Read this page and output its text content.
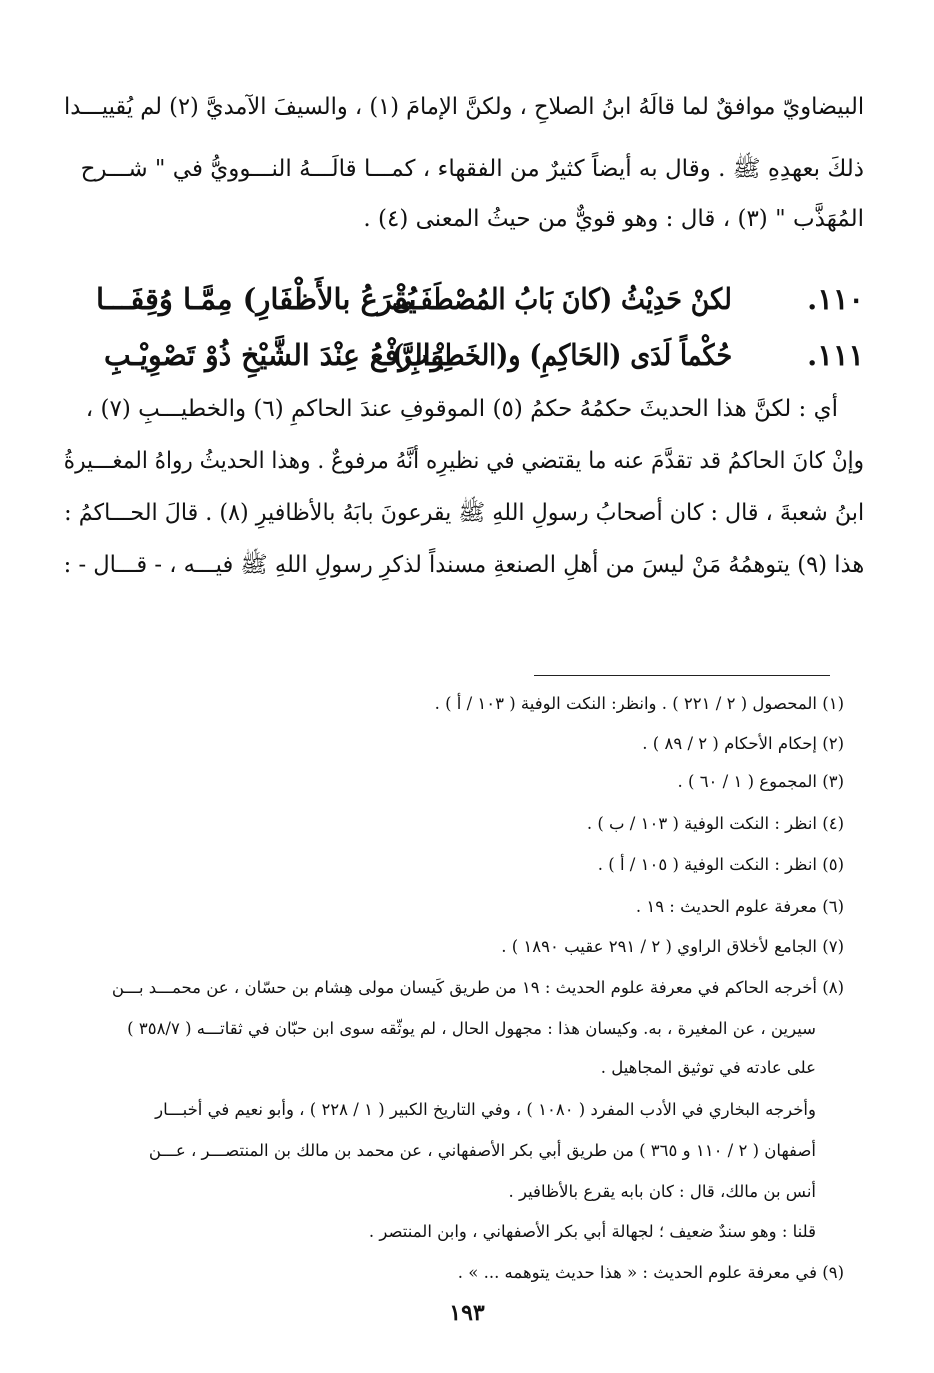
البيضاويّ موافقٌ لما قالَهُ ابنُ الصلاحِ ، ولكنَّ الإمامَ (١) ، والسيفَ الآمديَّ (٢) لم يُقييـــدا
ذلكَ بعهدِهِ ﷺ . وقال به أيضاً كثيرٌ من الفقهاء ، كمـــا قالَـــهُ النـــوويُّ في " شـــرح
المُهَذَّب " (٣) ، قال : وهو قويٌّ من حيثُ المعنى (٤) .
١١٠.
لكنْ حَدِيْثُ (كانَ بَابُ المُصْطَفَـى
يُقْرَعُ بالأَظْفَارِ) مِمَّـا وُقِفَـــا
١١١.
حُكْماً لَدَى (الحَاكِمِ) و(الخَطِيْـبِ)
وَالرَّفْعُ عِنْدَ الشَّيْخِ ذُوْ تَصْوِيْـبِ
أي : لكنَّ هذا الحديثَ حكمُهُ حكمُ (٥) الموقوفِ عندَ الحاكمِ (٦) والخطيـــبِ (٧) ،
وإنْ كانَ الحاكمُ قد تقدَّمَ عنه ما يقتضي في نظيرِه أنَّهُ مرفوعٌ . وهذا الحديثُ رواهُ المغـــيرةُ
ابنُ شعبةَ ، قال : كان أصحابُ رسولِ اللهِ ﷺ يقرعونَ بابَهُ بالأظافيرِ (٨) . قالَ الحـــاكمُ :
هذا (٩) يتوهمُهُ مَنْ ليسَ من أهلِ الصنعةِ مسنداً لذكرِ رسولِ اللهِ ﷺ فيـــه ، - قـــال - :
(١) المحصول ( ٢ / ٢٢١ ) . وانظر: النكت الوفية ( ١٠٣ / أ ) .
(٢) إحكام الأحكام ( ٢ / ٨٩ ) .
(٣) المجموع ( ١ / ٦٠ ) .
(٤) انظر : النكت الوفية ( ١٠٣ / ب ) .
(٥) انظر : النكت الوفية ( ١٠٥ / أ ) .
(٦) معرفة علوم الحديث : ١٩ .
(٧) الجامع لأخلاق الراوي ( ٢ / ٢٩١ عقيب ١٨٩٠ ) .
(٨) أخرجه الحاكم في معرفة علوم الحديث : ١٩ من طريق كَيسان مولى هِشام بن حسّان ، عن محمـــد بـــن
سيرين ، عن المغيرة ، به. وكيسان هذا : مجهول الحال ، لم يوثّقه سوى ابن حبّان في ثقاتـــه ( ٣٥٨/٧ )
على عادته في توثيق المجاهيل .
وأخرجه البخاري في الأدب المفرد ( ١٠٨٠ ) ، وفي التاريخ الكبير ( ١ / ٢٢٨ ) ، وأبو نعيم في أخبـــار
أصفهان ( ٢ / ١١٠ و ٣٦٥ ) من طريق أبي بكر الأصفهاني ، عن محمد بن مالك بن المنتصـــر ، عـــن
أنس بن مالك، قال : كان بابه يقرع بالأظافير .
قلنا : وهو سندٌ ضعيف ؛ لجهالة أبي بكر الأصفهاني ، وابن المنتصر .
(٩) في معرفة علوم الحديث : « هذا حديث يتوهمه ... » .
١٩٣
